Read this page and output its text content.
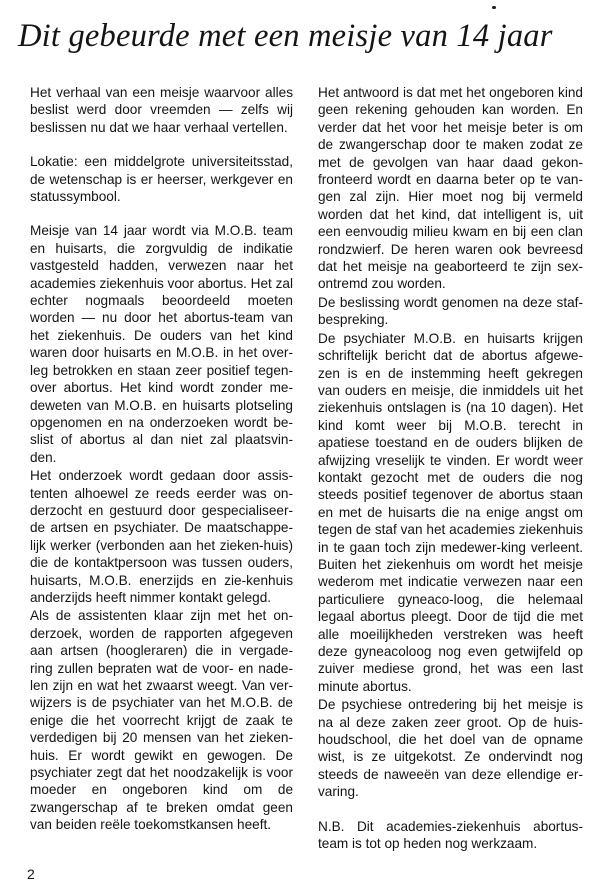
Dit gebeurde met een meisje van 14 jaar

Het verhaal van een meisje waarvoor alles beslist werd door vreemden — zelfs wij beslissen nu dat we haar verhaal vertellen.

Lokatie: een middelgrote universiteitsstad, de wetenschap is er heerser, werkgever en statussymbool.

Meisje van 14 jaar wordt via M.O.B. team en huisarts, die zorgvuldig de indikatie vastgesteld hadden, verwezen naar het academies ziekenhuis voor abortus. Het zal echter nogmaals beoordeeld moeten worden — nu door het abortus-team van het ziekenhuis. De ouders van het kind waren door huisarts en M.O.B. in het over-leg betrokken en staan zeer positief tegen-over abortus. Het kind wordt zonder me-deweten van M.O.B. en huisarts plotseling opgenomen en na onderzoeken wordt be-slist of abortus al dan niet zal plaatsvin-den.

Het onderzoek wordt gedaan door assis-tenten alhoewel ze reeds eerder was on-derzocht en gestuurd door gespecialiseer-de artsen en psychiater. De maatschappe-lijk werker (verbonden aan het zieken-huis) die de kontaktpersoon was tussen ouders, huisarts, M.O.B. enerzijds en zie-kenhuis anderzijds heeft nimmer kontakt gelegd.

Als de assistenten klaar zijn met het on-derzoek, worden de rapporten afgegeven aan artsen (hoogleraren) die in vergade-ring zullen bepraten wat de voor- en nade-len zijn en wat het zwaarst weegt. Van ver-wijzers is de psychiater van het M.O.B. de enige die het voorrecht krijgt de zaak te verdedigen bij 20 mensen van het zieken-huis. Er wordt gewikt en gewogen. De psychiater zegt dat het noodzakelijk is voor moeder en ongeboren kind om de zwangerschap af te breken omdat geen van beiden reële toekomstkansen heeft.

Het antwoord is dat met het ongeboren kind geen rekening gehouden kan worden. En verder dat het voor het meisje beter is om de zwangerschap door te maken zodat ze met de gevolgen van haar daad gekon-fronteerd wordt en daarna beter op te van-gen zal zijn. Hier moet nog bij vermeld worden dat het kind, dat intelligent is, uit een eenvoudig milieu kwam en bij een clan rondzwierf. De heren waren ook bevreesd dat het meisje na geaborteerd te zijn sex-ontremd zou worden.

De beslissing wordt genomen na deze staf-bespreking.

De psychiater M.O.B. en huisarts krijgen schriftelijk bericht dat de abortus afgewe-zen is en de instemming heeft gekregen van ouders en meisje, die inmiddels uit het ziekenhuis ontslagen is (na 10 dagen). Het kind komt weer bij M.O.B. terecht in apatiese toestand en de ouders blijken de afwijzing vreselijk te vinden. Er wordt weer kontakt gezocht met de ouders die nog steeds positief tegenover de abortus staan en met de huisarts die na enige angst om tegen de staf van het academies ziekenhuis in te gaan toch zijn medewer-king verleent. Buiten het ziekenhuis om wordt het meisje wederom met indicatie verwezen naar een particuliere gyneaco-loog, die helemaal legaal abortus pleegt. Door de tijd die met alle moeilijkheden verstreken was heeft deze gyneacoloog nog even getwijfeld op zuiver mediese grond, het was een last minute abortus.

De psychiese ontredering bij het meisje is na al deze zaken zeer groot. Op de huis-houdschool, die het doel van de opname wist, is ze uitgekotst. Ze ondervindt nog steeds de naweeën van deze ellendige er-varing.

N.B. Dit academies-ziekenhuis abortus-team is tot op heden nog werkzaam.

2
